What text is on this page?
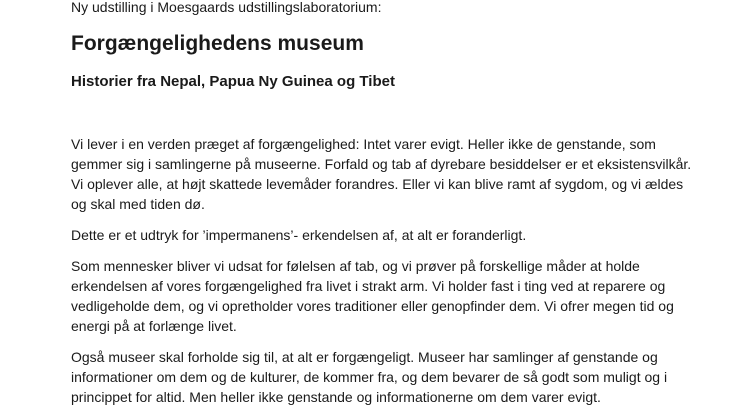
Ny udstilling i Moesgaards udstillingslaboratorium:
Forgængelighedens museum
Historier fra Nepal, Papua Ny Guinea og Tibet

Vi lever i en verden præget af forgængelighed: Intet varer evigt. Heller ikke de genstande, som
gemmer sig i samlingerne på museerne. Forfald og tab af dyrebare besiddelser er et eksistensvilkår.
Vi oplever alle, at højt skattede levemåder forandres. Eller vi kan blive ramt af sygdom, og vi ældes
og skal med tiden dø.

Dette er et udtryk for ’impermanens’- erkendelsen af, at alt er foranderligt.

Som mennesker bliver vi udsat for følelsen af tab, og vi prøver på forskellige måder at holde
erkendelsen af vores forgængelighed fra livet i strakt arm. Vi holder fast i ting ved at reparere og
vedligeholde dem, og vi opretholder vores traditioner eller genopfinder dem. Vi ofrer megen tid og
energi på at forlænge livet.

Også museer skal forholde sig til, at alt er forgængeligt. Museer har samlinger af genstande og
informationer om dem og de kulturer, de kommer fra, og dem bevarer de så godt som muligt og i
princippet for altid. Men heller ikke genstande og informationerne om dem varer evigt.
